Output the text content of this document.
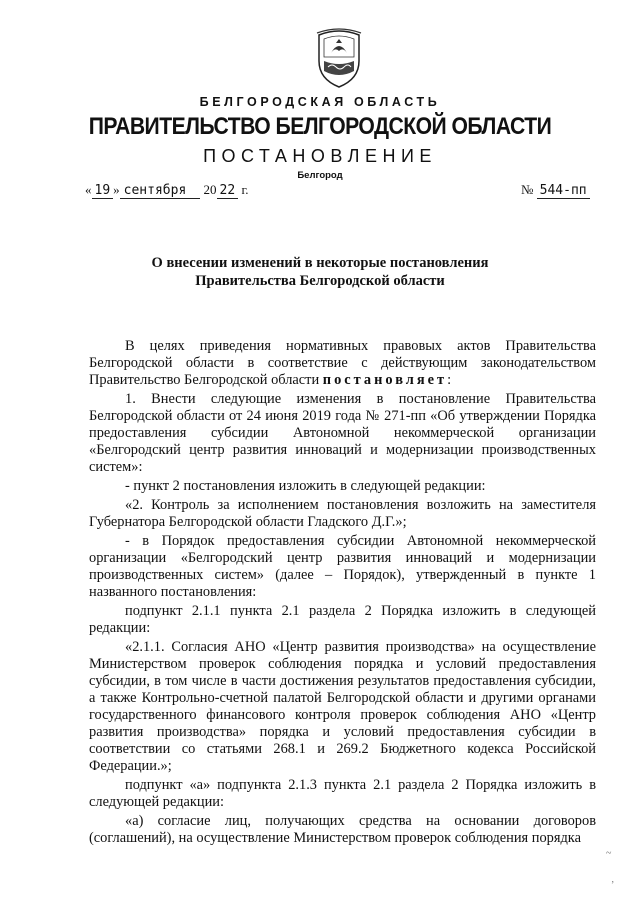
БЕЛГОРОДСКАЯ ОБЛАСТЬ
ПРАВИТЕЛЬСТВО БЕЛГОРОДСКОЙ ОБЛАСТИ
ПОСТАНОВЛЕНИЕ
Белгород
« 19 » сентября 20 22 г.	№ 544-пп
О внесении изменений в некоторые постановления
Правительства Белгородской области

В целях приведения нормативных правовых актов Правительства Белгородской области в соответствие с действующим законодательством Правительство Белгородской области постановляет:

1. Внести следующие изменения в постановление Правительства Белгородской области от 24 июня 2019 года № 271-пп «Об утверждении Порядка предоставления субсидии Автономной некоммерческой организации «Белгородский центр развития инноваций и модернизации производственных систем»:

- пункт 2 постановления изложить в следующей редакции:

«2. Контроль за исполнением постановления возложить на заместителя Губернатора Белгородской области Гладского Д.Г.»;

- в Порядок предоставления субсидии Автономной некоммерческой организации «Белгородский центр развития инноваций и модернизации производственных систем» (далее – Порядок), утвержденный в пункте 1 названного постановления:

подпункт 2.1.1 пункта 2.1 раздела 2 Порядка изложить в следующей редакции:

«2.1.1. Согласия АНО «Центр развития производства» на осуществление Министерством проверок соблюдения порядка и условий предоставления субсидии, в том числе в части достижения результатов предоставления субсидии, а также Контрольно-счетной палатой Белгородской области и другими органами государственного финансового контроля проверок соблюдения АНО «Центр развития производства» порядка и условий предоставления субсидии в соответствии со статьями 268.1 и 269.2 Бюджетного кодекса Российской Федерации.»;

подпункт «а» подпункта 2.1.3 пункта 2.1 раздела 2 Порядка изложить в следующей редакции:

«а) согласие лиц, получающих средства на основании договоров (соглашений), на осуществление Министерством проверок соблюдения порядка

~
ʼ
